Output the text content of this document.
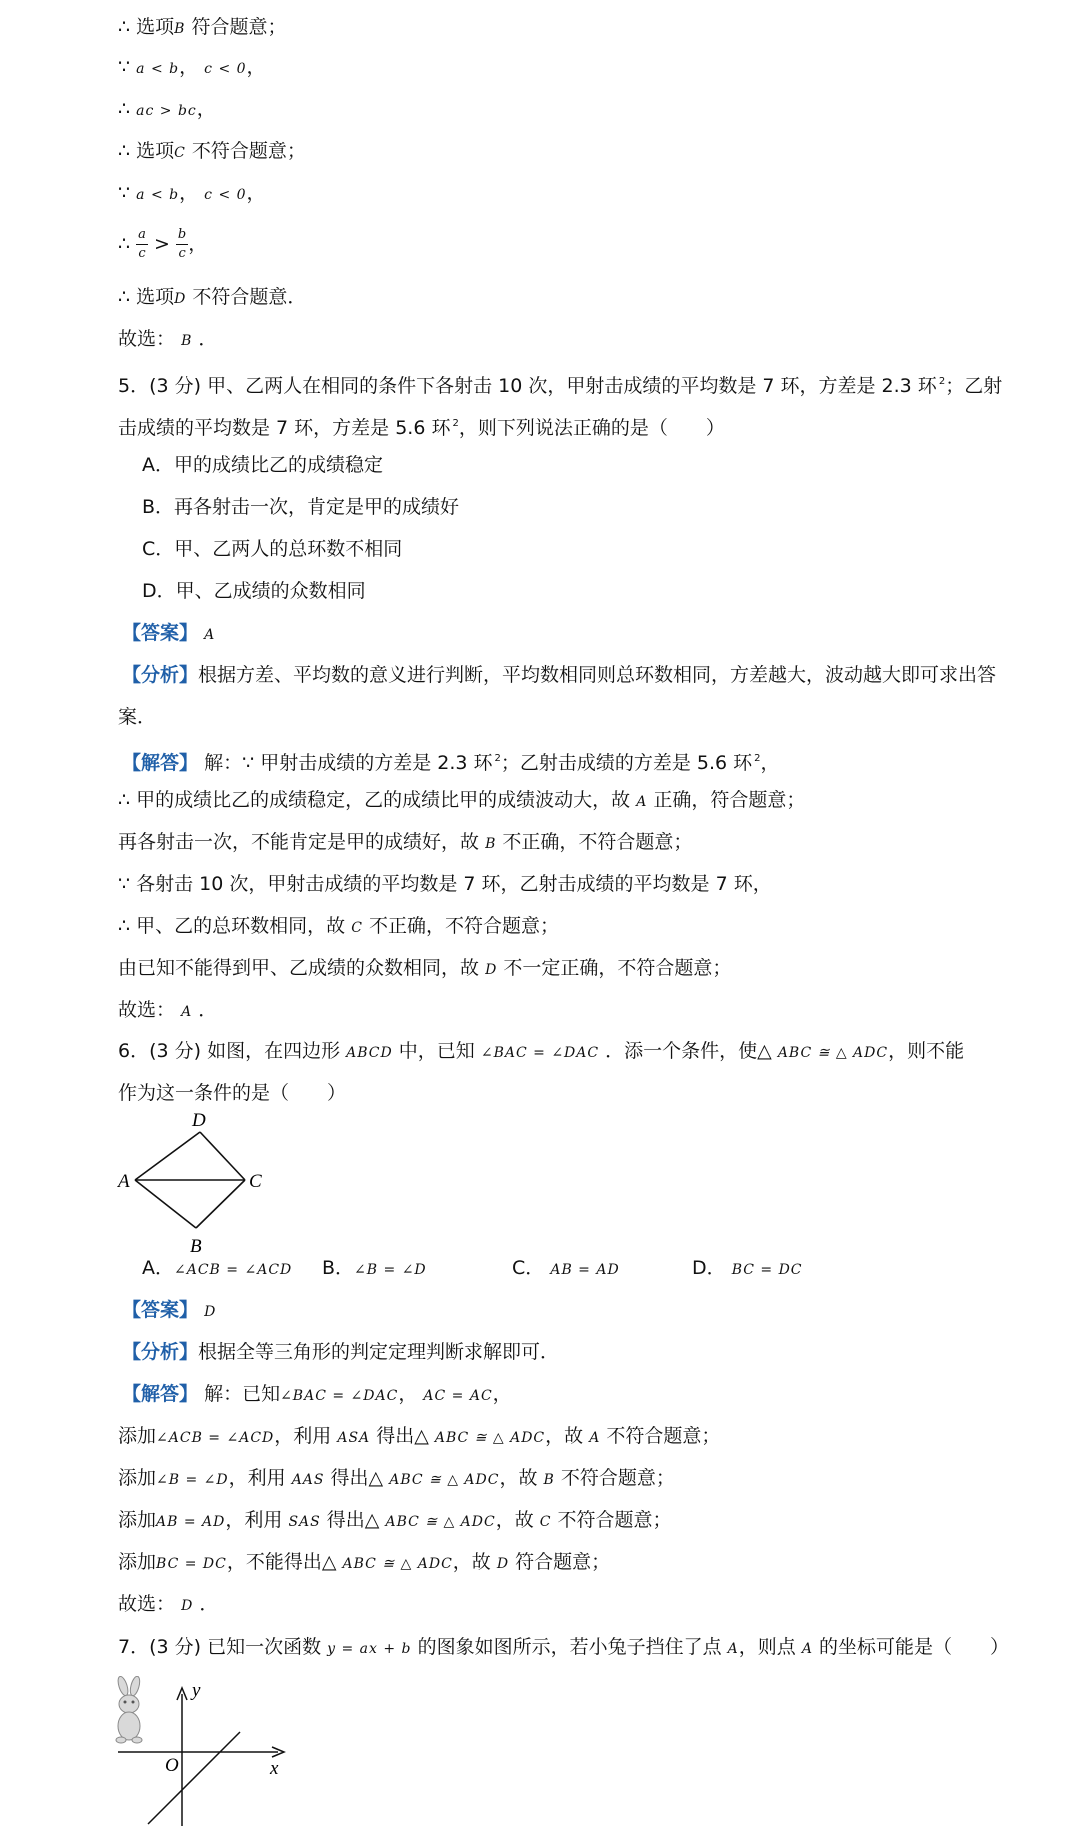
∴ 选项B 符合题意；
∵ a < b， c < 0，
∴ ac > bc，
∴ 选项C 不符合题意；
∵ a < b， c < 0，
∴ $\frac{a}{c} > \frac{b}{c}$ ，
∴ 选项D 不符合题意．
故选： B ．
5．(3 分) 甲、乙两人在相同的条件下各射击 10 次，甲射击成绩的平均数是 7 环，方差是 2.3 环 $^2$；乙射
击成绩的平均数是 7 环，方差是 5.6 环 $^2$，则下列说法正确的是（　　）
A．甲的成绩比乙的成绩稳定
B．再各射击一次，肯定是甲的成绩好
C．甲、乙两人的总环数不相同
D．甲、乙成绩的众数相同
【答案】 A
【分析】根据方差、平均数的意义进行判断，平均数相同则总环数相同，方差越大，波动越大即可求出答
案．
【解答】 解：∵ 甲射击成绩的方差是 2.3 环 $^2$；乙射击成绩的方差是 5.6 环 $^2$，
∴ 甲的成绩比乙的成绩稳定，乙的成绩比甲的成绩波动大，故 A 正确，符合题意；
再各射击一次，不能肯定是甲的成绩好，故 B 不正确，不符合题意；
∵ 各射击 10 次，甲射击成绩的平均数是 7 环，乙射击成绩的平均数是 7 环，
∴ 甲、乙的总环数相同，故 C 不正确，不符合题意；
由已知不能得到甲、乙成绩的众数相同，故 D 不一定正确，不符合题意；
故选： A ．
6．(3 分) 如图，在四边形 ABCD 中，已知 ∠BAC = ∠DAC ．添一个条件，使△ ABC ≅ △ ADC，则不能
作为这一条件的是（　　）
D
A	C
B
A．∠ACB = ∠ACD B．∠B = ∠D	C． AB = AD	D． BC = DC
【答案】 D
【分析】根据全等三角形的判定定理判断求解即可．
【解答】 解：已知∠BAC = ∠DAC， AC = AC，
添加∠ACB = ∠ACD，利用 ASA 得出△ ABC ≅ △ ADC，故 A 不符合题意；
添加∠B = ∠D，利用 AAS 得出△ ABC ≅ △ ADC，故 B 不符合题意；
添加AB = AD，利用 SAS 得出△ ABC ≅ △ ADC，故 C 不符合题意；
添加BC = DC，不能得出△ ABC ≅ △ ADC，故 D 符合题意；
故选： D ．
7．(3 分) 已知一次函数 y = ax + b 的图象如图所示，若小兔子挡住了点 A，则点 A 的坐标可能是（　　）
y
x
O
